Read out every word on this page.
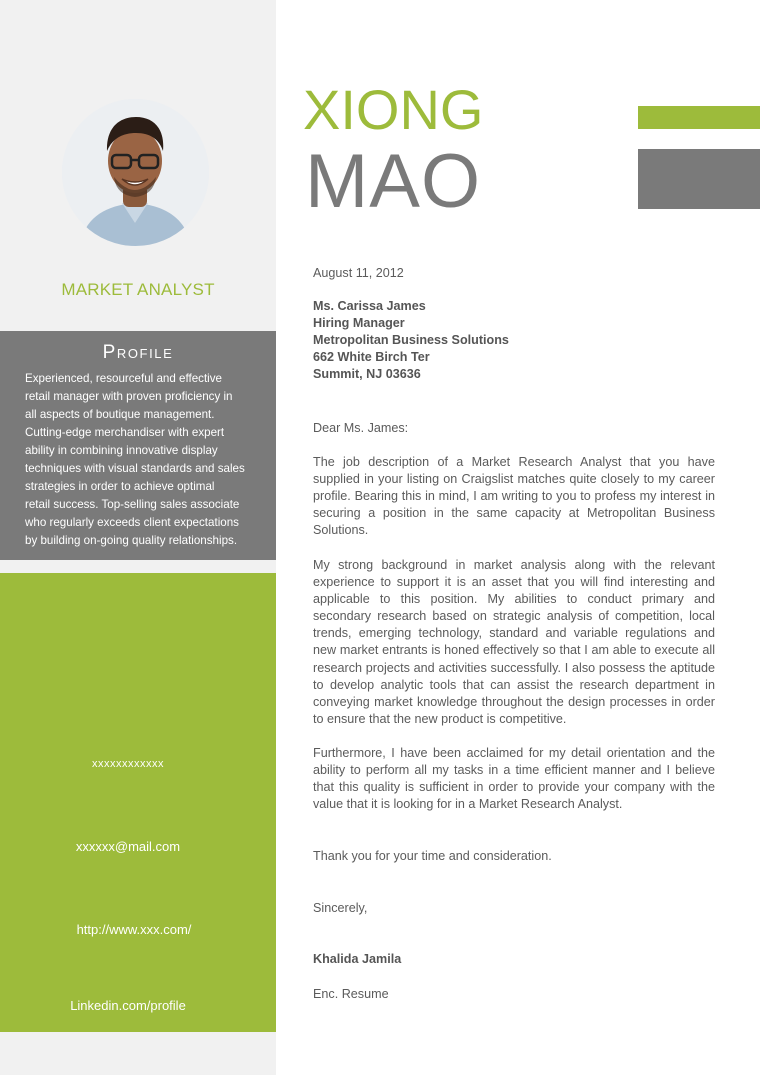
MARKET ANALYST
Profile
Experienced, resourceful and effective
retail manager with proven proficiency in
all aspects of boutique management.
Cutting-edge merchandiser with expert
ability in combining innovative display
techniques with visual standards and sales
strategies in order to achieve optimal
retail success. Top-selling sales associate
who regularly exceeds client expectations
by building on-going quality relationships.
xxxxxxxxxxxx
xxxxxx@mail.com
http://www.xxx.com/
Linkedin.com/profile
XIONG
MAO
August 11, 2012
Ms. Carissa James
Hiring Manager
Metropolitan Business Solutions
662 White Birch Ter
Summit, NJ 03636
Dear Ms. James:
The job description of a Market Research Analyst that you have supplied in your listing on Craigslist matches quite closely to my career profile. Bearing this in mind, I am writing to you to profess my interest in securing a position in the same capacity at Metropolitan Business Solutions.
My strong background in market analysis along with the relevant experience to support it is an asset that you will find interesting and applicable to this position. My abilities to conduct primary and secondary research based on strategic analysis of competition, local trends, emerging technology, standard and variable regulations and new market entrants is honed effectively so that I am able to execute all research projects and activities successfully. I also possess the aptitude to develop analytic tools that can assist the research department in conveying market knowledge throughout the design processes in order to ensure that the new product is competitive.
Furthermore, I have been acclaimed for my detail orientation and the ability to perform all my tasks in a time efficient manner and I believe that this quality is sufficient in order to provide your company with the value that it is looking for in a Market Research Analyst.
Thank you for your time and consideration.
Sincerely,
Khalida Jamila
Enc. Resume
